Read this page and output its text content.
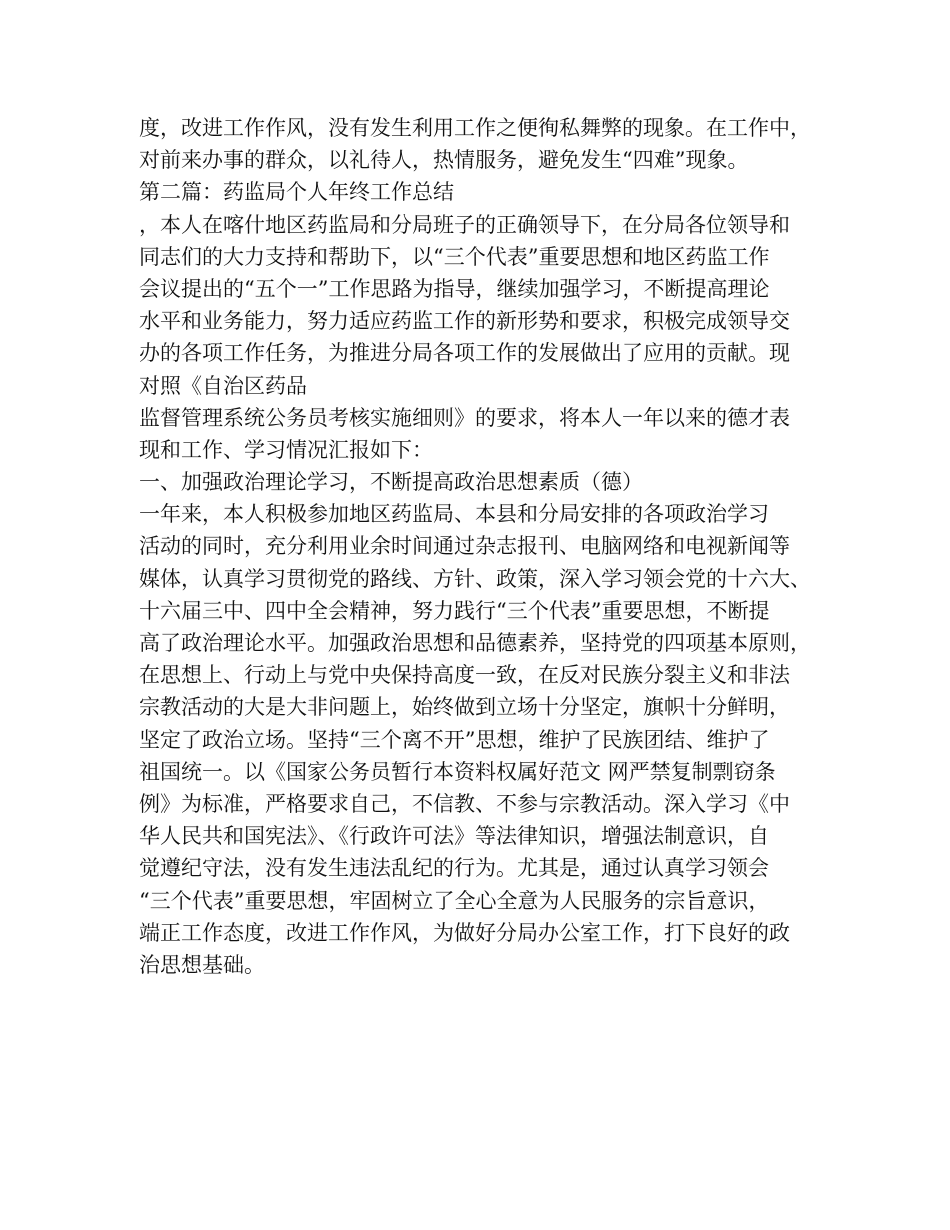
度，改进工作作风，没有发生利用工作之便徇私舞弊的现象。在工作中，

对前来办事的群众，以礼待人，热情服务，避免发生“四难”现象。

第二篇：药监局个人年终工作总结

，本人在喀什地区药监局和分局班子的正确领导下，在分局各位领导和

同志们的大力支持和帮助下，以“三个代表”重要思想和地区药监工作

会议提出的“五个一”工作思路为指导，继续加强学习，不断提高理论

水平和业务能力，努力适应药监工作的新形势和要求，积极完成领导交

办的各项工作任务，为推进分局各项工作的发展做出了应用的贡献。现

对照《自治区药品

监督管理系统公务员考核实施细则》的要求，将本人一年以来的德才表

现和工作、学习情况汇报如下：

一、加强政治理论学习，不断提高政治思想素质（德）

一年来，本人积极参加地区药监局、本县和分局安排的各项政治学习

活动的同时，充分利用业余时间通过杂志报刊、电脑网络和电视新闻等

媒体，认真学习贯彻党的路线、方针、政策，深入学习领会党的十六大、

十六届三中、四中全会精神，努力践行“三个代表”重要思想，不断提

高了政治理论水平。加强政治思想和品德素养，坚持党的四项基本原则，

在思想上、行动上与党中央保持高度一致，在反对民族分裂主义和非法

宗教活动的大是大非问题上，始终做到立场十分坚定，旗帜十分鲜明，

坚定了政治立场。坚持“三个离不开”思想，维护了民族团结、维护了

祖国统一。以《国家公务员暂行本资料权属好范文 网严禁复制剽窃条

例》为标准，严格要求自己，不信教、不参与宗教活动。深入学习《中

华人民共和国宪法》、《行政许可法》等法律知识，增强法制意识，自

觉遵纪守法，没有发生违法乱纪的行为。尤其是，通过认真学习领会

“三个代表”重要思想，牢固树立了全心全意为人民服务的宗旨意识，

端正工作态度，改进工作作风，为做好分局办公室工作，打下良好的政

治思想基础。
